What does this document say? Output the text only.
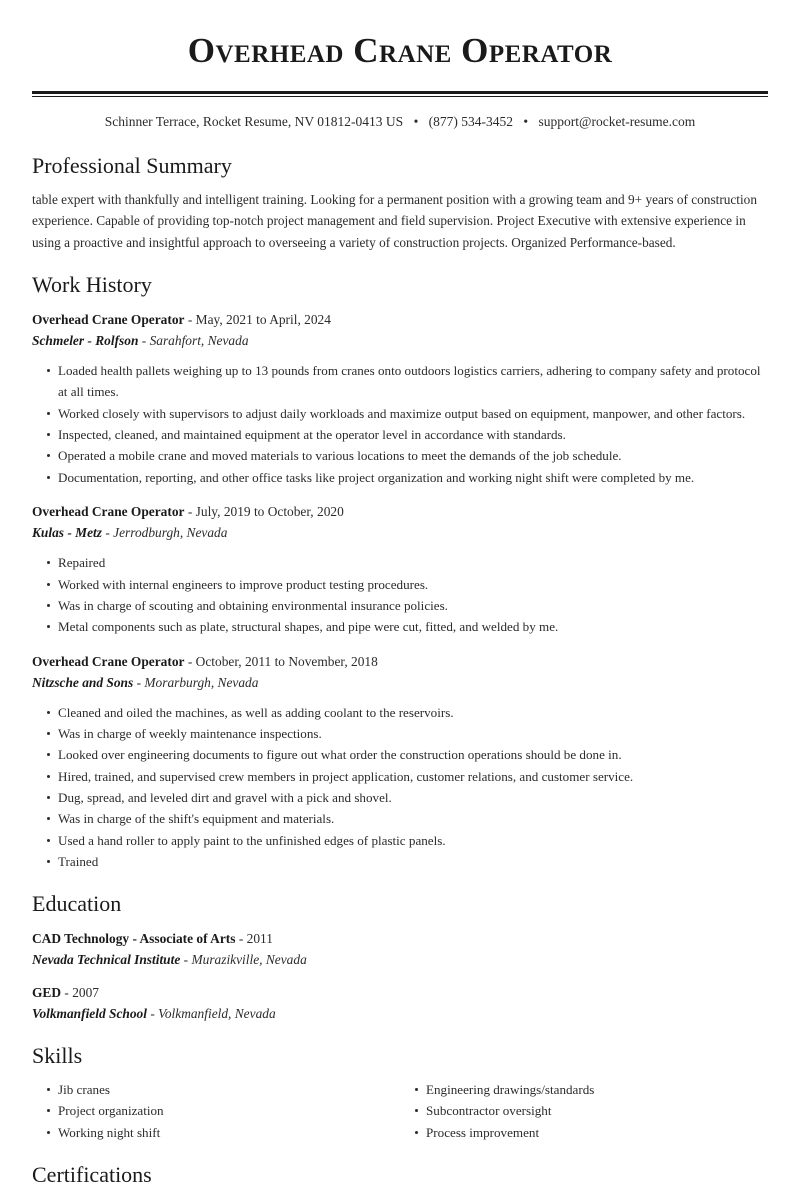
Overhead Crane Operator
Schinner Terrace, Rocket Resume, NV 01812-0413 US • (877) 534-3452 • support@rocket-resume.com
Professional Summary

table expert with thankfully and intelligent training. Looking for a permanent position with a growing team and 9+ years of construction experience. Capable of providing top-notch project management and field supervision. Project Executive with extensive experience in using a proactive and insightful approach to overseeing a variety of construction projects. Organized Performance-based.

Work History
Overhead Crane Operator - May, 2021 to April, 2024
Schmeler - Rolfson - Sarahfort, Nevada
Loaded health pallets weighing up to 13 pounds from cranes onto outdoors logistics carriers, adhering to company safety and protocol at all times.
Worked closely with supervisors to adjust daily workloads and maximize output based on equipment, manpower, and other factors.
Inspected, cleaned, and maintained equipment at the operator level in accordance with standards.
Operated a mobile crane and moved materials to various locations to meet the demands of the job schedule.
Documentation, reporting, and other office tasks like project organization and working night shift were completed by me.
Overhead Crane Operator - July, 2019 to October, 2020
Kulas - Metz - Jerrodburgh, Nevada
Repaired
Worked with internal engineers to improve product testing procedures.
Was in charge of scouting and obtaining environmental insurance policies.
Metal components such as plate, structural shapes, and pipe were cut, fitted, and welded by me.
Overhead Crane Operator - October, 2011 to November, 2018
Nitzsche and Sons - Morarburgh, Nevada
Cleaned and oiled the machines, as well as adding coolant to the reservoirs.
Was in charge of weekly maintenance inspections.
Looked over engineering documents to figure out what order the construction operations should be done in.
Hired, trained, and supervised crew members in project application, customer relations, and customer service.
Dug, spread, and leveled dirt and gravel with a pick and shovel.
Was in charge of the shift's equipment and materials.
Used a hand roller to apply paint to the unfinished edges of plastic panels.
Trained
Education
CAD Technology - Associate of Arts - 2011
Nevada Technical Institute - Murazikville, Nevada
GED - 2007
Volkmanfield School - Volkmanfield, Nevada
Skills
Jib cranes
Project organization
Working night shift
Engineering drawings/standards
Subcontractor oversight
Process improvement
Certifications
